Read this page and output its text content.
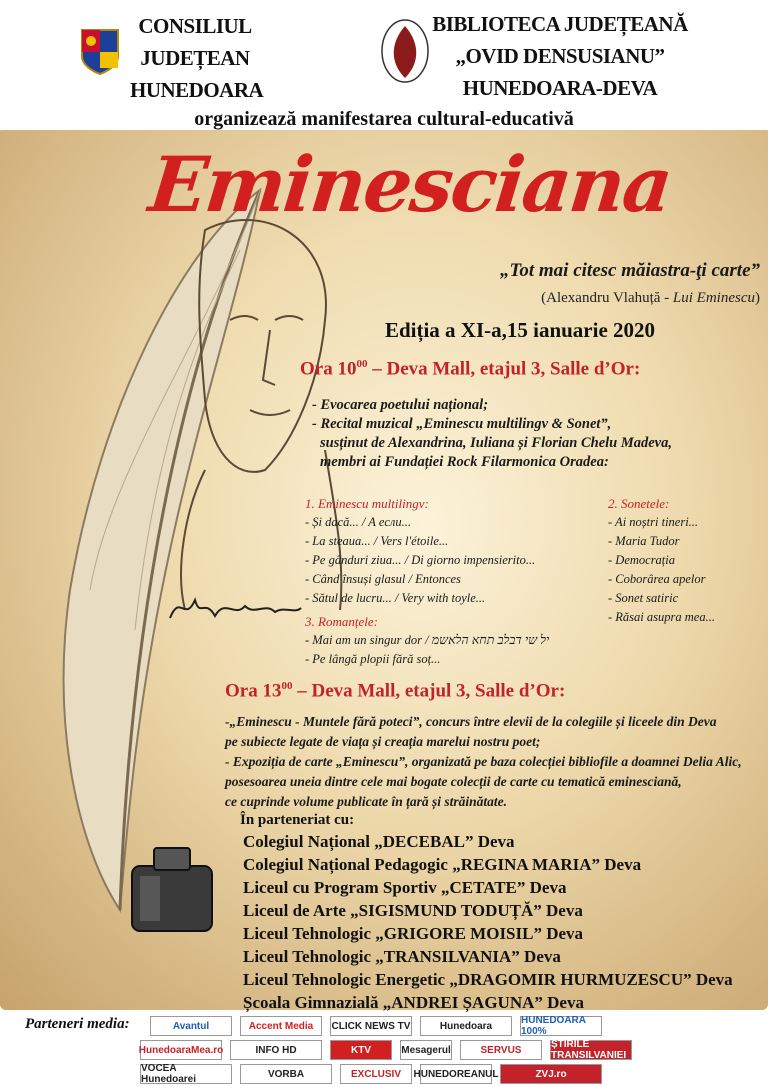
CONSILIUL
JUDEȚEAN
HUNEDOARA
BIBLIOTECA JUDEȚEANĂ
„OVID DENSUSIANU”
HUNEDOARA-DEVA
organizează manifestarea cultural-educativă
Eminesciana
„Tot mai citesc măiastra-ţi carte”
(Alexandru Vlahuță - Lui Eminescu)
Ediția a XI-a,15 ianuarie 2020
Ora $10^{00}$ – Deva Mall, etajul 3, Salle d’Or:
- Evocarea poetului național;
- Recital muzical „Eminescu multilingv & Sonet”,
susținut de Alexandrina, Iuliana și Florian Chelu Madeva,
membri ai Fundației Rock Filarmonica Oradea:
1. Eminescu multilingv:
- Și dacă... / A ecли...
- La steaua... / Vers l'étoile...
- Pe gânduri ziua... / Di giorno impensierito...
- Când însuși glasul / Entonces
- Sătul de lucru... / Very with toyle...
2. Sonetele:
- Ai noștri tineri...
- Maria Tudor
- Democrația
- Coborârea apelor
- Sonet satiric
- Răsai asupra mea...
3. Romanțele:
- Mai am un singur dor / יל שי דבלב תחא הלאשמ
- Pe lângă plopii fără soț...
Ora $13^{00}$ – Deva Mall, etajul 3, Salle d’Or:
-„Eminescu - Muntele fără poteci”, concurs între elevii de la colegiile și liceele din Deva
pe subiecte legate de viața și creația marelui nostru poet;
- Expoziția de carte „Eminescu”, organizată pe baza colecției bibliofile a doamnei Delia Alic,
posesoarea uneia dintre cele mai bogate colecții de carte cu tematică eminesciană,
ce cuprinde volume publicate în țară și străinătate.
În parteneriat cu:
Colegiul Național „DECEBAL” Deva
Colegiul Național Pedagogic „REGINA MARIA” Deva
Liceul cu Program Sportiv „CETATE” Deva
Liceul de Arte „SIGISMUND TODUȚĂ” Deva
Liceul Tehnologic „GRIGORE MOISIL” Deva
Liceul Tehnologic „TRANSILVANIA” Deva
Liceul Tehnologic Energetic „DRAGOMIR HURMUZESCU” Deva
Școala Gimnazială „ANDREI ȘAGUNA” Deva
Parteneri media:	Avantul	Accent Media	CLICK NEWS TV	Hunedoara	HUNEDOARA 100%
HunedoaraMea.ro	INFO HD	KTV	Mesagerul	SERVUS	ȘTIRILE TRANSILVANIEI
VOCEA Hunedoarei	VORBA	EXCLUSIV	HUNEDOREANUL	ZVJ.ro
